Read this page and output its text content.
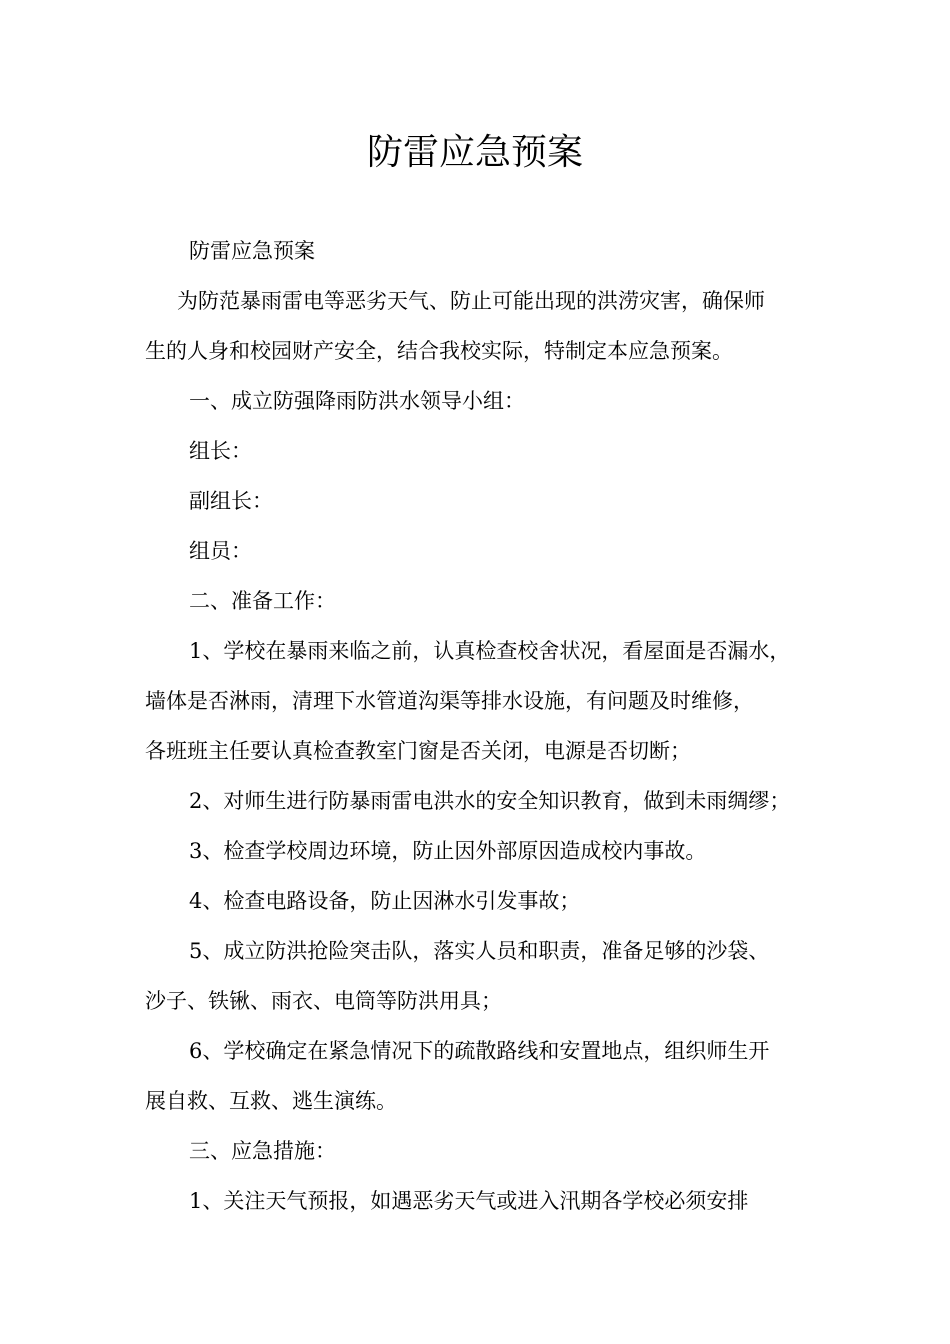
防雷应急预案
防雷应急预案
为防范暴雨雷电等恶劣天气、防止可能出现的洪涝灾害，确保师
生的人身和校园财产安全，结合我校实际，特制定本应急预案。
一、成立防强降雨防洪水领导小组：
组长：
副组长：
组员：
二、准备工作：
1、学校在暴雨来临之前，认真检查校舍状况，看屋面是否漏水，
墙体是否淋雨，清理下水管道沟渠等排水设施，有问题及时维修，
各班班主任要认真检查教室门窗是否关闭，电源是否切断；
2、对师生进行防暴雨雷电洪水的安全知识教育，做到未雨绸缪；
3、检查学校周边环境，防止因外部原因造成校内事故。
4、检查电路设备，防止因淋水引发事故；
5、成立防洪抢险突击队，落实人员和职责，准备足够的沙袋、
沙子、铁锹、雨衣、电筒等防洪用具；
6、学校确定在紧急情况下的疏散路线和安置地点，组织师生开
展自救、互救、逃生演练。
三、应急措施：
1、关注天气预报，如遇恶劣天气或进入汛期各学校必须安排
